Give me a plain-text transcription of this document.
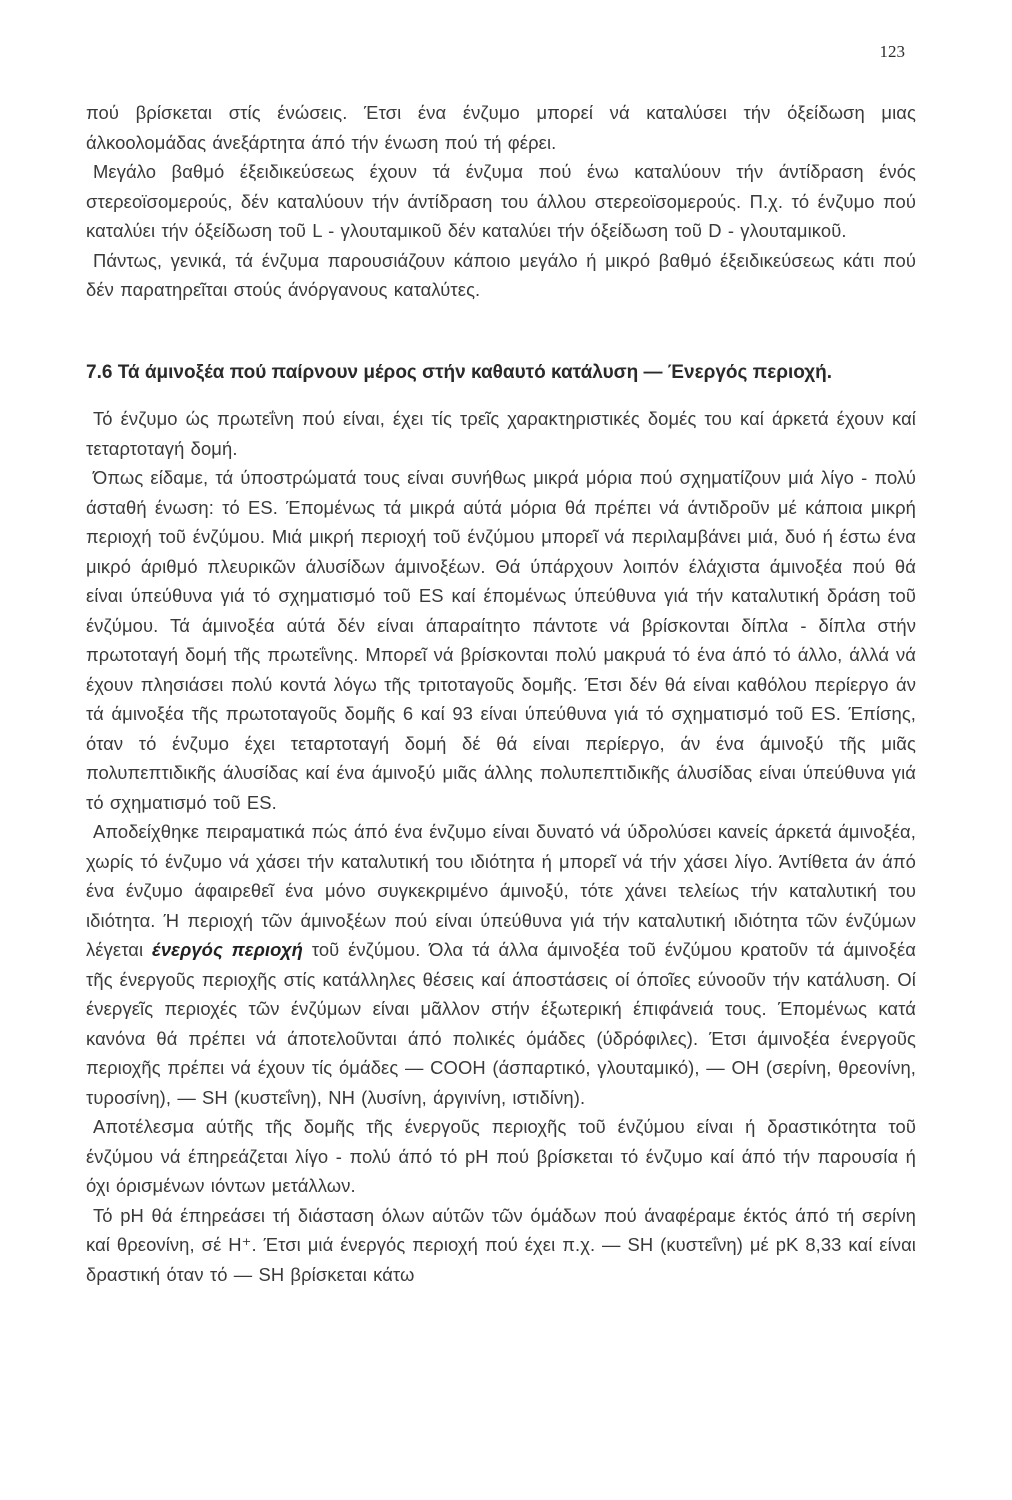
123

πού βρίσκεται στίς ένώσεις. Έτσι ένα ένζυμο μπορεί νά καταλύσει τήν όξείδωση μιας άλκοολομάδας άνεξάρτητα άπό τήν ένωση πού τή φέρει.

Μεγάλο βαθμό έξειδικεύσεως έχουν τά ένζυμα πού ένω καταλύουν τήν άντίδραση ένός στερεοϊσομερούς, δέν καταλύουν τήν άντίδραση του άλλου στερεοϊσομερούς. Π.χ. τό ένζυμο πού καταλύει τήν όξείδωση τοῦ L - γλουταμικοῦ δέν καταλύει τήν όξείδωση τοῦ D - γλουταμικοῦ.

Πάντως, γενικά, τά ένζυμα παρουσιάζουν κάποιο μεγάλο ή μικρό βαθμό έξειδικεύσεως κάτι πού δέν παρατηρεῖται στούς άνόργανους καταλύτες.

7.6 Τά άμινοξέα πού παίρνουν μέρος στήν καθαυτό κατάλυση — Ένεργός περιοχή.

Τό ένζυμο ώς πρωτεΐνη πού είναι, έχει τίς τρεῖς χαρακτηριστικές δομές του καί άρκετά έχουν καί τεταρτοταγή δομή.

Όπως είδαμε, τά ύποστρώματά τους είναι συνήθως μικρά μόρια πού σχηματίζουν μιά λίγο - πολύ άσταθή ένωση: τό ES. Έπομένως τά μικρά αύτά μόρια θά πρέπει νά άντιδροῦν μέ κάποια μικρή περιοχή τοῦ ένζύμου. Μιά μικρή περιοχή τοῦ ένζύμου μπορεῖ νά περιλαμβάνει μιά, δυό ή έστω ένα μικρό άριθμό πλευρικῶν άλυσίδων άμινοξέων. Θά ύπάρχουν λοιπόν έλάχιστα άμινοξέα πού θά είναι ύπεύθυνα γιά τό σχηματισμό τοῦ ES καί έπομένως ύπεύθυνα γιά τήν καταλυτική δράση τοῦ ένζύμου. Τά άμινοξέα αύτά δέν είναι άπαραίτητο πάντοτε νά βρίσκονται δίπλα - δίπλα στήν πρωτοταγή δομή τῆς πρωτεΐνης. Μπορεῖ νά βρίσκονται πολύ μακρυά τό ένα άπό τό άλλο, άλλά νά έχουν πλησιάσει πολύ κοντά λόγω τῆς τριτοταγοῦς δομῆς. Έτσι δέν θά είναι καθόλου περίεργο άν τά άμινοξέα τῆς πρωτοταγοῦς δομῆς 6 καί 93 είναι ύπεύθυνα γιά τό σχηματισμό τοῦ ES. Έπίσης, όταν τό ένζυμο έχει τεταρτοταγή δομή δέ θά είναι περίεργο, άν ένα άμινοξύ τῆς μιᾶς πολυπεπτιδικῆς άλυσίδας καί ένα άμινοξύ μιᾶς άλλης πολυπεπτιδικῆς άλυσίδας είναι ύπεύθυνα γιά τό σχηματισμό τοῦ ES.

Αποδείχθηκε πειραματικά πώς άπό ένα ένζυμο είναι δυνατό νά ύδρολύσει κανείς άρκετά άμινοξέα, χωρίς τό ένζυμο νά χάσει τήν καταλυτική του ιδιότητα ή μπορεῖ νά τήν χάσει λίγο. Άντίθετα άν άπό ένα ένζυμο άφαιρεθεῖ ένα μόνο συγκεκριμένο άμινοξύ, τότε χάνει τελείως τήν καταλυτική του ιδιότητα. Ή περιοχή τῶν άμινοξέων πού είναι ύπεύθυνα γιά τήν καταλυτική ιδιότητα τῶν ένζύμων λέγεται ένεργός περιοχή τοῦ ένζύμου. Όλα τά άλλα άμινοξέα τοῦ ένζύμου κρατοῦν τά άμινοξέα τῆς ένεργοῦς περιοχῆς στίς κατάλληλες θέσεις καί άποστάσεις οί όποῖες εύνοοῦν τήν κατάλυση. Οί ένεργεῖς περιοχές τῶν ένζύμων είναι μᾶλλον στήν έξωτερική έπιφάνειά τους. Έπομένως κατά κανόνα θά πρέπει νά άποτελοῦνται άπό πολικές όμάδες (ύδρόφιλες). Έτσι άμινοξέα ένεργοῦς περιοχῆς πρέπει νά έχουν τίς όμάδες — COOH (άσπαρτικό, γλουταμικό), — OH (σερίνη, θρεονίνη, τυροσίνη), — SH (κυστεΐνη), NH (λυσίνη, άργινίνη, ιστιδίνη).

Αποτέλεσμα αύτῆς τῆς δομῆς τῆς ένεργοῦς περιοχῆς τοῦ ένζύμου είναι ή δραστικότητα τοῦ ένζύμου νά έπηρεάζεται λίγο - πολύ άπό τό pH πού βρίσκεται τό ένζυμο καί άπό τήν παρουσία ή όχι όρισμένων ιόντων μετάλλων.

Τό pH θά έπηρεάσει τή διάσταση όλων αύτῶν τῶν όμάδων πού άναφέραμε έκτός άπό τή σερίνη καί θρεονίνη, σέ H⁺. Έτσι μιά ένεργός περιοχή πού έχει π.χ. — SH (κυστεΐνη) μέ pK 8,33 καί είναι δραστική όταν τό — SH βρίσκεται κάτω
